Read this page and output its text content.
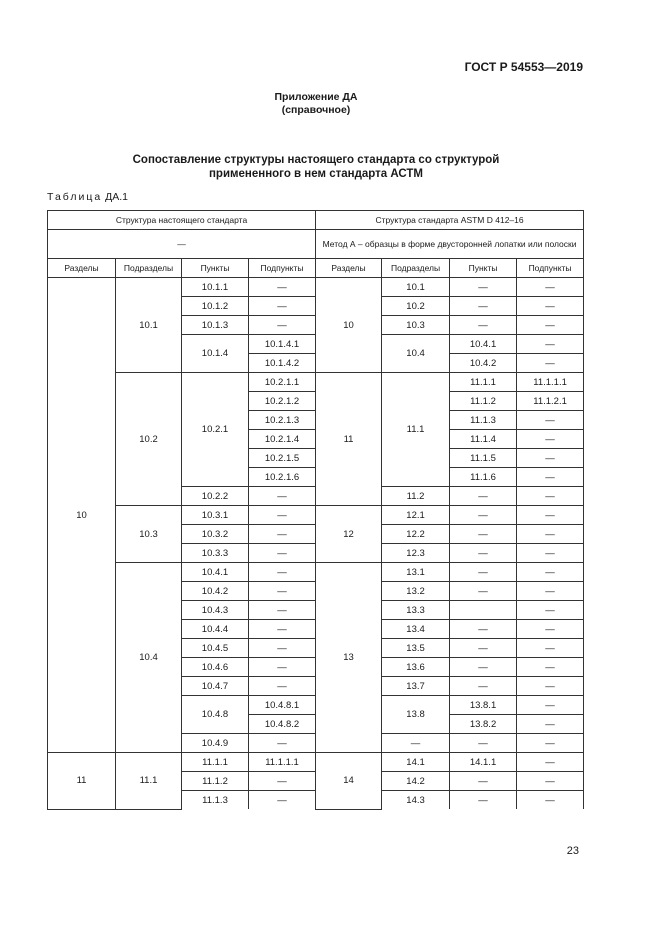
ГОСТ Р 54553—2019
Приложение ДА
(справочное)
Сопоставление структуры настоящего стандарта со структурой
примененного в нем стандарта АСТМ
Таблица ДА.1
Структура настоящего стандарта				Структура стандарта ASTM D 412–16			
—				Метод А – образцы в форме двусторонней лопатки или полоски			
Разделы	Подразделы	Пункты	Подпункты	Разделы	Подразделы	Пункты	Подпункты
10	10.1	10.1.1	—	10	10.1	—	—
		10.1.2	—		10.2	—	—
		10.1.3	—		10.3	—	—
		10.1.4	10.1.4.1		10.4	10.4.1	—
			10.1.4.2			10.4.2	—
	10.2	10.2.1	10.2.1.1	11	11.1	11.1.1	11.1.1.1
			10.2.1.2			11.1.2	11.1.2.1
			10.2.1.3			11.1.3	—
			10.2.1.4			11.1.4	—
			10.2.1.5			11.1.5	—
			10.2.1.6			11.1.6	—
		10.2.2	—		11.2	—	—
	10.3	10.3.1	—	12	12.1	—	—
		10.3.2	—		12.2	—	—
		10.3.3	—		12.3	—	—
	10.4	10.4.1	—	13	13.1	—	—
		10.4.2	—		13.2	—	—
		10.4.3	—		13.3		—
		10.4.4	—		13.4	—	—
		10.4.5	—		13.5	—	—
		10.4.6	—		13.6	—	—
		10.4.7	—		13.7	—	—
		10.4.8	10.4.8.1		13.8	13.8.1	—
			10.4.8.2			13.8.2	—
		10.4.9	—		—	—	—
11	11.1	11.1.1	11.1.1.1	14	14.1	14.1.1	—
		11.1.2	—		14.2	—	—
		11.1.3	—		14.3	—	—
23
